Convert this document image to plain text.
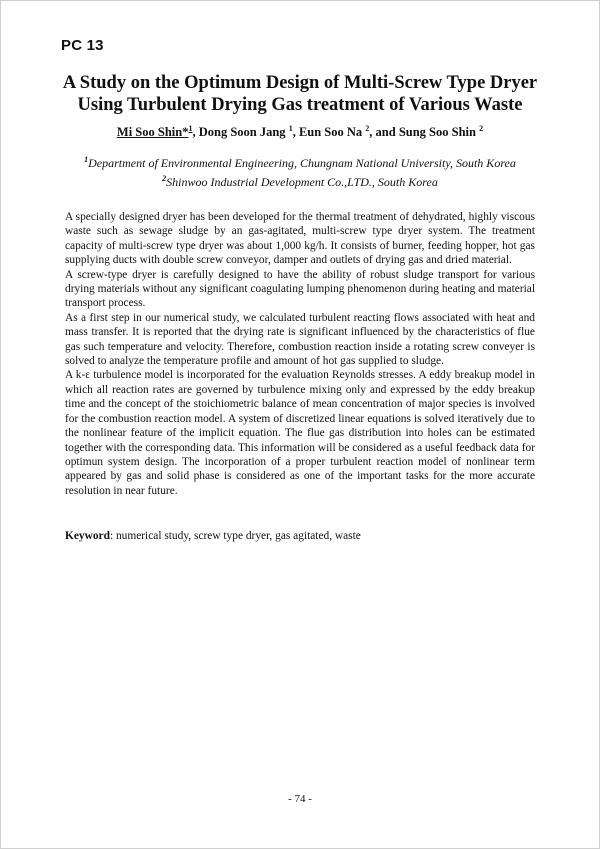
PC 13
A Study on the Optimum Design of Multi-Screw Type Dryer
Using Turbulent Drying Gas treatment of Various Waste
Mi Soo Shin*$^1$, Dong Soon Jang $^1$, Eun Soo Na $^2$, and Sung Soo Shin $^2$
$^1$Department of Environmental Engineering, Chungnam National University, South Korea
$^2$Shinwoo Industrial Development Co.,LTD., South Korea

A specially designed dryer has been developed for the thermal treatment of dehydrated, highly viscous waste such as sewage sludge by an gas-agitated, multi-screw type dryer system. The treatment capacity of multi-screw type dryer was about 1,000 kg/h. It consists of burner, feeding hopper, hot gas supplying ducts with double screw conveyor, damper and outlets of drying gas and dried material.

A screw-type dryer is carefully designed to have the ability of robust sludge transport for various drying materials without any significant coagulating lumping phenomenon during heating and material transport process.

As a first step in our numerical study, we calculated turbulent reacting flows associated with heat and mass transfer. It is reported that the drying rate is significant influenced by the characteristics of flue gas such temperature and velocity. Therefore, combustion reaction inside a rotating screw conveyer is solved to analyze the temperature profile and amount of hot gas supplied to sludge.

A k-ε turbulence model is incorporated for the evaluation Reynolds stresses. A eddy breakup model in which all reaction rates are governed by turbulence mixing only and expressed by the eddy breakup time and the concept of the stoichiometric balance of mean concentration of major species is involved for the combustion reaction model. A system of discretized linear equations is solved iteratively due to the nonlinear feature of the implicit equation. The flue gas distribution into holes can be estimated together with the corresponding data. This information will be considered as a useful feedback data for optimun system design. The incorporation of a proper turbulent reaction model of nonlinear term appeared by gas and solid phase is considered as one of the important tasks for the more accurate resolution in near future.

Keyword: numerical study, screw type dryer, gas agitated, waste
- 74 -
